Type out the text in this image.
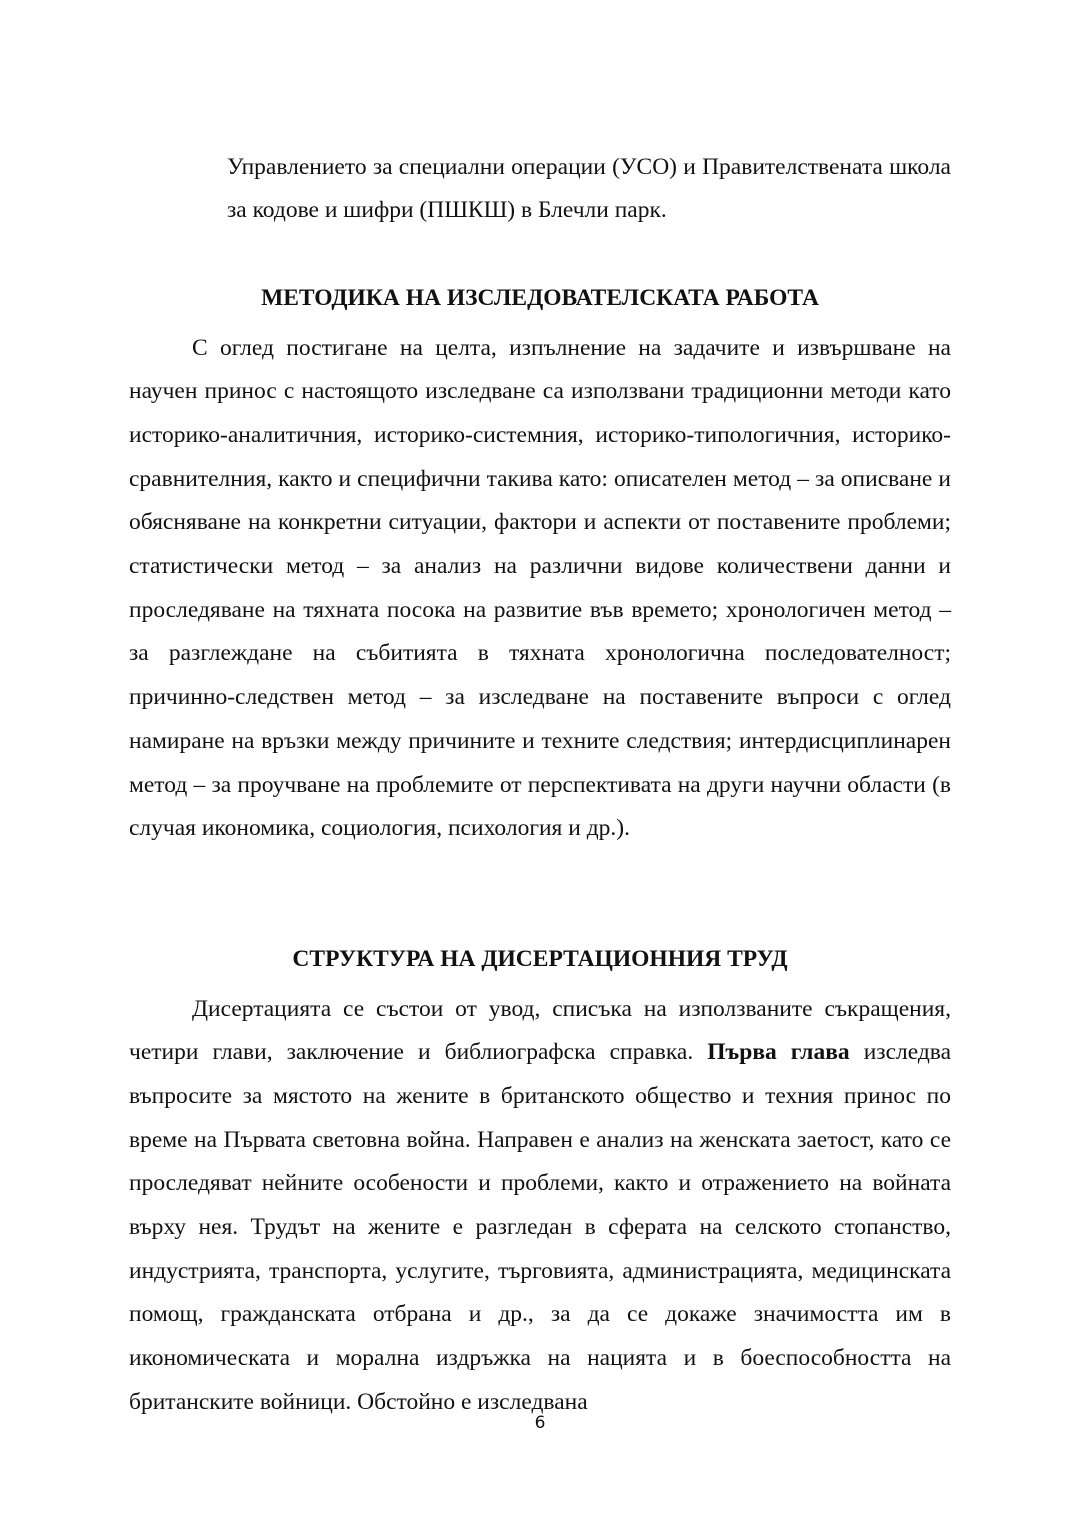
Управлението за специални операции (УСО) и Правителствената школа за кодове и шифри (ПШКШ) в Блечли парк.

МЕТОДИКА НА ИЗСЛЕДОВАТЕЛСКАТА РАБОТА

С оглед постигане на целта, изпълнение на задачите и извършване на научен принос с настоящото изследване са използвани традиционни методи като историко-аналитичния, историко-системния, историко-типологичния, историко-сравнителния, както и специфични такива като: описателен метод – за описване и обясняване на конкретни ситуации, фактори и аспекти от поставените проблеми; статистически метод – за анализ на различни видове количествени данни и проследяване на тяхната посока на развитие във времето; хронологичен метод – за разглеждане на събитията в тяхната хронологична последователност; причинно-следствен метод – за изследване на поставените въпроси с оглед намиране на връзки между причините и техните следствия; интердисциплинарен метод – за проучване на проблемите от перспективата на други научни области (в случая икономика, социология, психология и др.).

СТРУКТУРА НА ДИСЕРТАЦИОННИЯ ТРУД

Дисертацията се състои от увод, списъка на използваните съкращения, четири глави, заключение и библиографска справка. Първа глава изследва въпросите за мястото на жените в британското общество и техния принос по време на Първата световна война. Направен е анализ на женската заетост, като се проследяват нейните особености и проблеми, както и отражението на войната върху нея. Трудът на жените е разгледан в сферата на селското стопанство, индустрията, транспорта, услугите, търговията, администрацията, медицинската помощ, гражданската отбрана и др., за да се докаже значимостта им в икономическата и морална издръжка на нацията и в боеспособността на британските войници. Обстойно е изследвана

6
